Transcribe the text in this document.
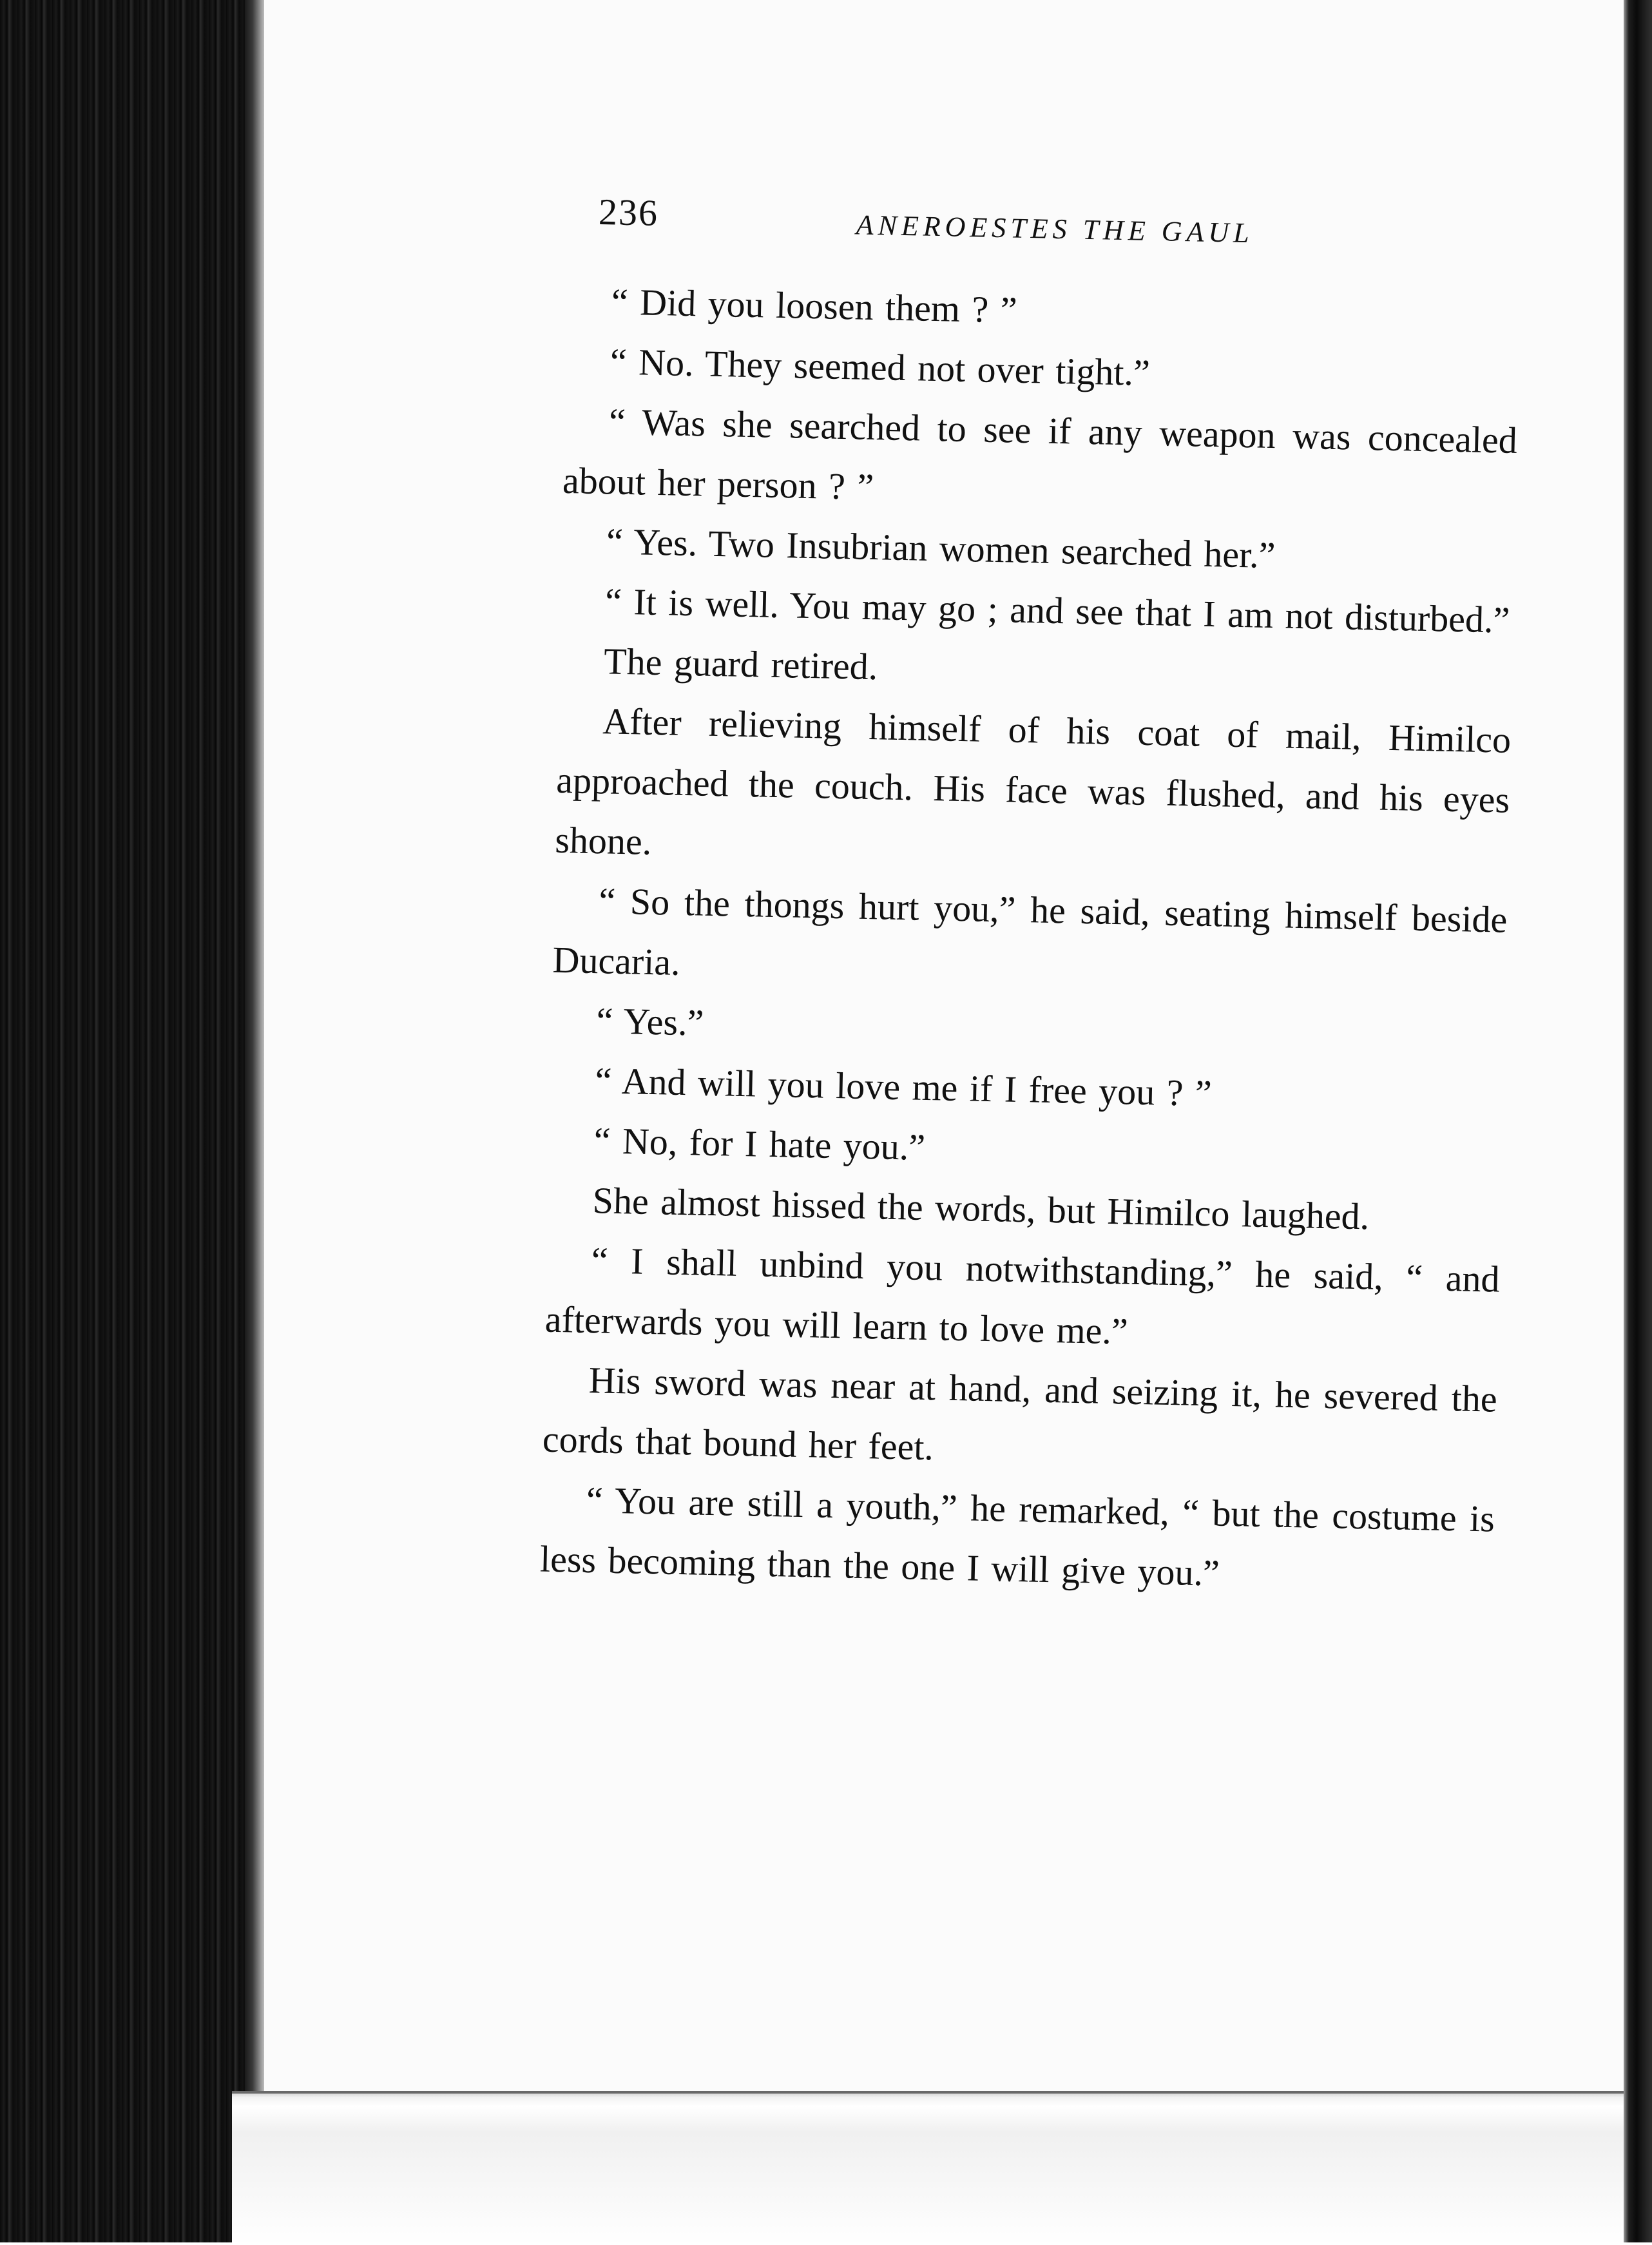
236	ANEROESTES THE GAUL

“ Did you loosen them ? ”

“ No. They seemed not over tight.”

“ Was she searched to see if any weapon was concealed about her person ? ”

“ Yes. Two Insubrian women searched her.”

“ It is well. You may go ; and see that I am not disturbed.”

The guard retired.

After relieving himself of his coat of mail, Himilco approached the couch. His face was flushed, and his eyes shone.

“ So the thongs hurt you,” he said, seating himself beside Ducaria.

“ Yes.”

“ And will you love me if I free you ? ”

“ No, for I hate you.”

She almost hissed the words, but Himilco laughed.

“ I shall unbind you notwithstanding,” he said, “ and afterwards you will learn to love me.”

His sword was near at hand, and seizing it, he severed the cords that bound her feet.

“ You are still a youth,” he remarked, “ but the costume is less becoming than the one I will give you.”
